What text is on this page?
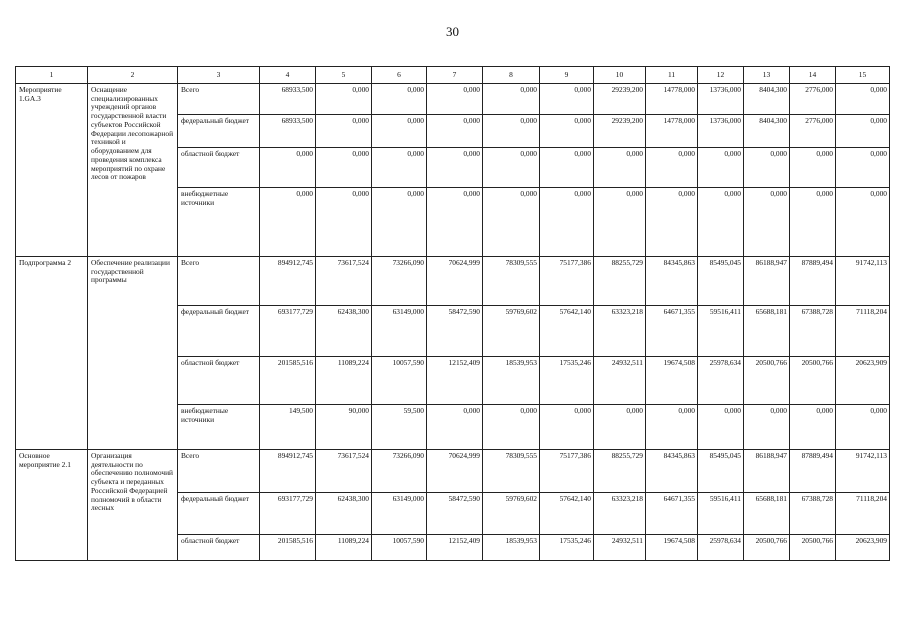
30
1	2	3	4	5	6	7	8	9	10	11	12	13	14	15
Мероприятие 1.GA.3	Оснащение специализированных учреждений органов государственной власти субъектов Российской Федерации лесопожарной техникой и оборудованием для проведения комплекса мероприятий по охране лесов от пожаров	Всего	68933,500	0,000	0,000	0,000	0,000	0,000	29239,200	14778,000	13736,000	8404,300	2776,000	0,000
		федеральный бюджет	68933,500	0,000	0,000	0,000	0,000	0,000	29239,200	14778,000	13736,000	8404,300	2776,000	0,000
		областной бюджет	0,000	0,000	0,000	0,000	0,000	0,000	0,000	0,000	0,000	0,000	0,000	0,000
		внебюджетные источники	0,000	0,000	0,000	0,000	0,000	0,000	0,000	0,000	0,000	0,000	0,000	0,000
Подпрограмма 2	Обеспечение реализации государственной программы	Всего	894912,745	73617,524	73266,090	70624,999	78309,555	75177,386	88255,729	84345,863	85495,045	86188,947	87889,494	91742,113
		федеральный бюджет	693177,729	62438,300	63149,000	58472,590	59769,602	57642,140	63323,218	64671,355	59516,411	65688,181	67388,728	71118,204
		областной бюджет	201585,516	11089,224	10057,590	12152,409	18539,953	17535,246	24932,511	19674,508	25978,634	20500,766	20500,766	20623,909
		внебюджетные источники	149,500	90,000	59,500	0,000	0,000	0,000	0,000	0,000	0,000	0,000	0,000	0,000
Основное мероприятие 2.1	Организация деятельности по обеспечению полномочий субъекта и переданных Российской Федерацией полномочий в области лесных	Всего	894912,745	73617,524	73266,090	70624,999	78309,555	75177,386	88255,729	84345,863	85495,045	86188,947	87889,494	91742,113
		федеральный бюджет	693177,729	62438,300	63149,000	58472,590	59769,602	57642,140	63323,218	64671,355	59516,411	65688,181	67388,728	71118,204
		областной бюджет	201585,516	11089,224	10057,590	12152,409	18539,953	17535,246	24932,511	19674,508	25978,634	20500,766	20500,766	20623,909
